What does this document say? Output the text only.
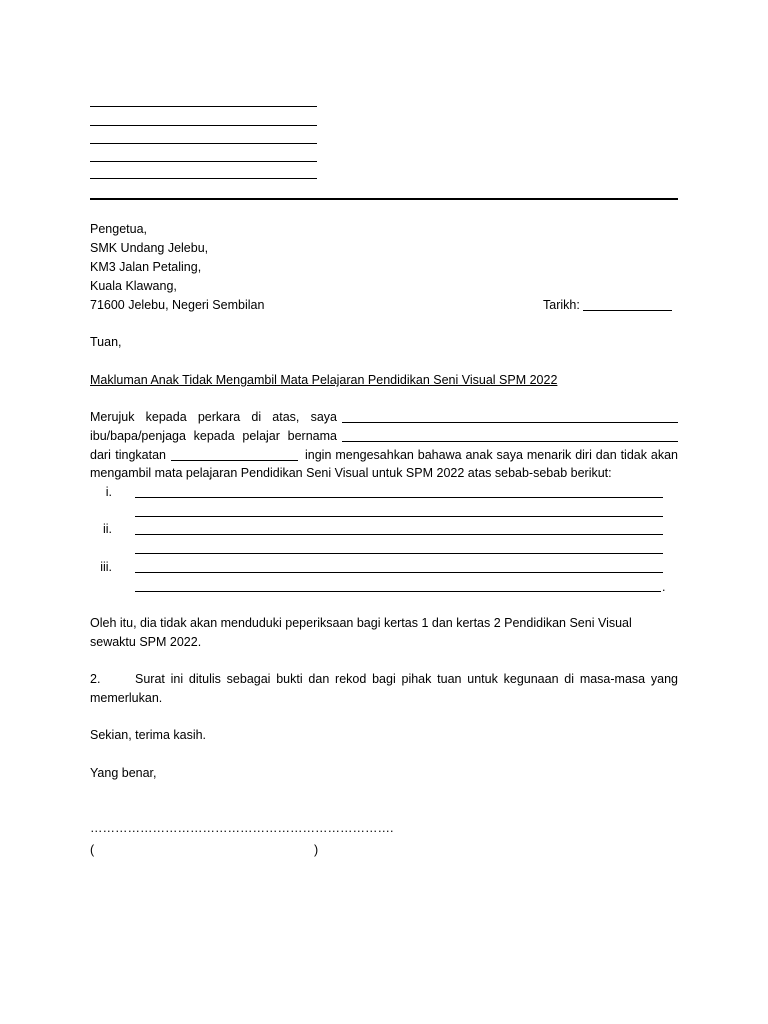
Pengetua,
SMK Undang Jelebu,
KM3 Jalan Petaling,
Kuala Klawang,
71600 Jelebu, Negeri Sembilan	Tarikh:
Tuan,
Makluman Anak Tidak Mengambil Mata Pelajaran Pendidikan Seni Visual SPM 2022
Merujuk kepada perkara di atas, saya
ibu/bapa/penjaga kepada pelajar bernama
dari tingkatan	ingin mengesahkan bahawa anak saya menarik diri dan tidak akan
mengambil mata pelajaran Pendidikan Seni Visual untuk SPM 2022 atas sebab-sebab berikut:
i.
ii.
iii.
.
Oleh itu, dia tidak akan menduduki peperiksaan bagi kertas 1 dan kertas 2 Pendidikan Seni Visual
sewaktu SPM 2022.
2.	Surat ini ditulis sebagai bukti dan rekod bagi pihak tuan untuk kegunaan di masa-masa yang
memerlukan.
Sekian, terima kasih.
Yang benar,
……………………………………………………………….
(	)
